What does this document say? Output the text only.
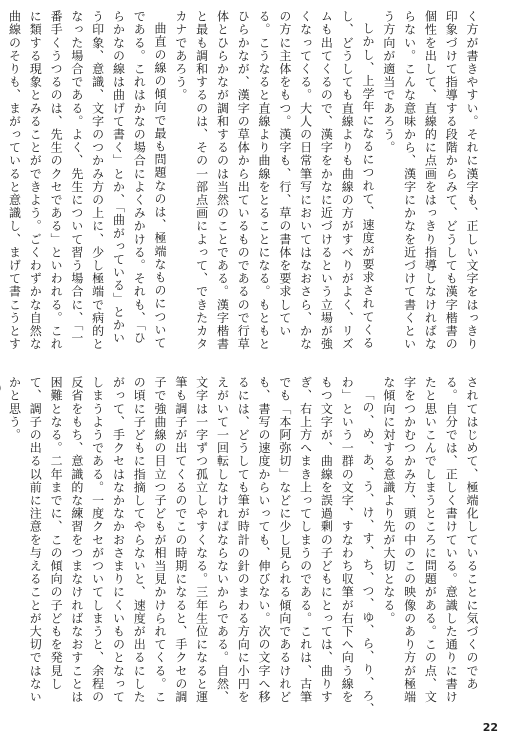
く方が書きやすい。それに漢字も、正しい文字をはっきり印象づけて指導する段階からみて、どうしても漢字楷書の個性を出して、直線的に点画をはっきり指導しなければならない。こんな意味から、漢字にかなを近づけて書くという方向が適当であろう。

しかし、上学年になるにつれて、速度が要求されてくるし、どうしても直線よりも曲線の方がすべりがよく、リズムも出てくるので、漢字をかなに近づけるという立場が強くなってくる。大人の日常筆写においてはなおさら、かなの方に主体をもつ。漢字も、行、草の書体を要求している。こうなると直線より曲線をとることになる。もともとひらかなが、漢字の草体から出ているものであるので行草体とひらかなが調和するのは当然のことである。漢字楷書と最も調和するのは、その一部点画によって、できたカタカナであろう。

曲直の線の傾向で最も問題なのは、極端なものについてである。これはかなの場合によくみかける。それも、「ひらかなの線は曲げて書く」とか、「曲がっている」とかいう印象、意識、文字のつかみ方の上に、少し極端で病的となった場合である。よく、先生について習う場合に、「一番手くうつるのは、先生のクセである」といわれる。これに類する現象とみることができよう。ごくわずかな自然な曲線のそりも、まがっていると意識し、まげて書こうとす

されてはじめて、極端化していることに気づくのである。自分では、正しく書けている。意識した通りに書けたと思いこんでしまうところに問題がある。この点、文字をつかむつかみ方、頭の中のこの映像のあり方が極端な傾向に対する意識より先が大切となる。

「の、め、あ、う、け、す、ち、つ、ゆ、ら、り、ろ、わ」という一群の文字、すなわち収筆が右下へ向う線をもつ文字が、曲線を誤過剰の子どもにとっては、曲りすぎ、右上方へまき上ってしまうのである。これは、古筆でも「本阿弥切」などに少し見られる傾向であるけれども、書写の速度からいっても、伸びない。次の文字へ移るには、どうしても筆が時計の針のまわる方向に小円をえがいて一回転しなければならないからである。自然、文字は一字ずつ孤立しやすくなる。三年生位になると運筆も調子が出てくるのでこの時期になると、手クセの調子で強曲線の目立つ子どもが相当見かけられてくる。この頃に子どもに指摘してやらないと、速度が出るにしたがって、手クセはなかなかおさまりにくいものとなってしまうようである。一度クセがついてしまうと、余程の反省をもち、意識的な練習をつまなければなおすことは困難となる。二年までに、この傾向の子どもを発見して、調子の出る以前に注意を与えることが大切ではないかと思う。

22
